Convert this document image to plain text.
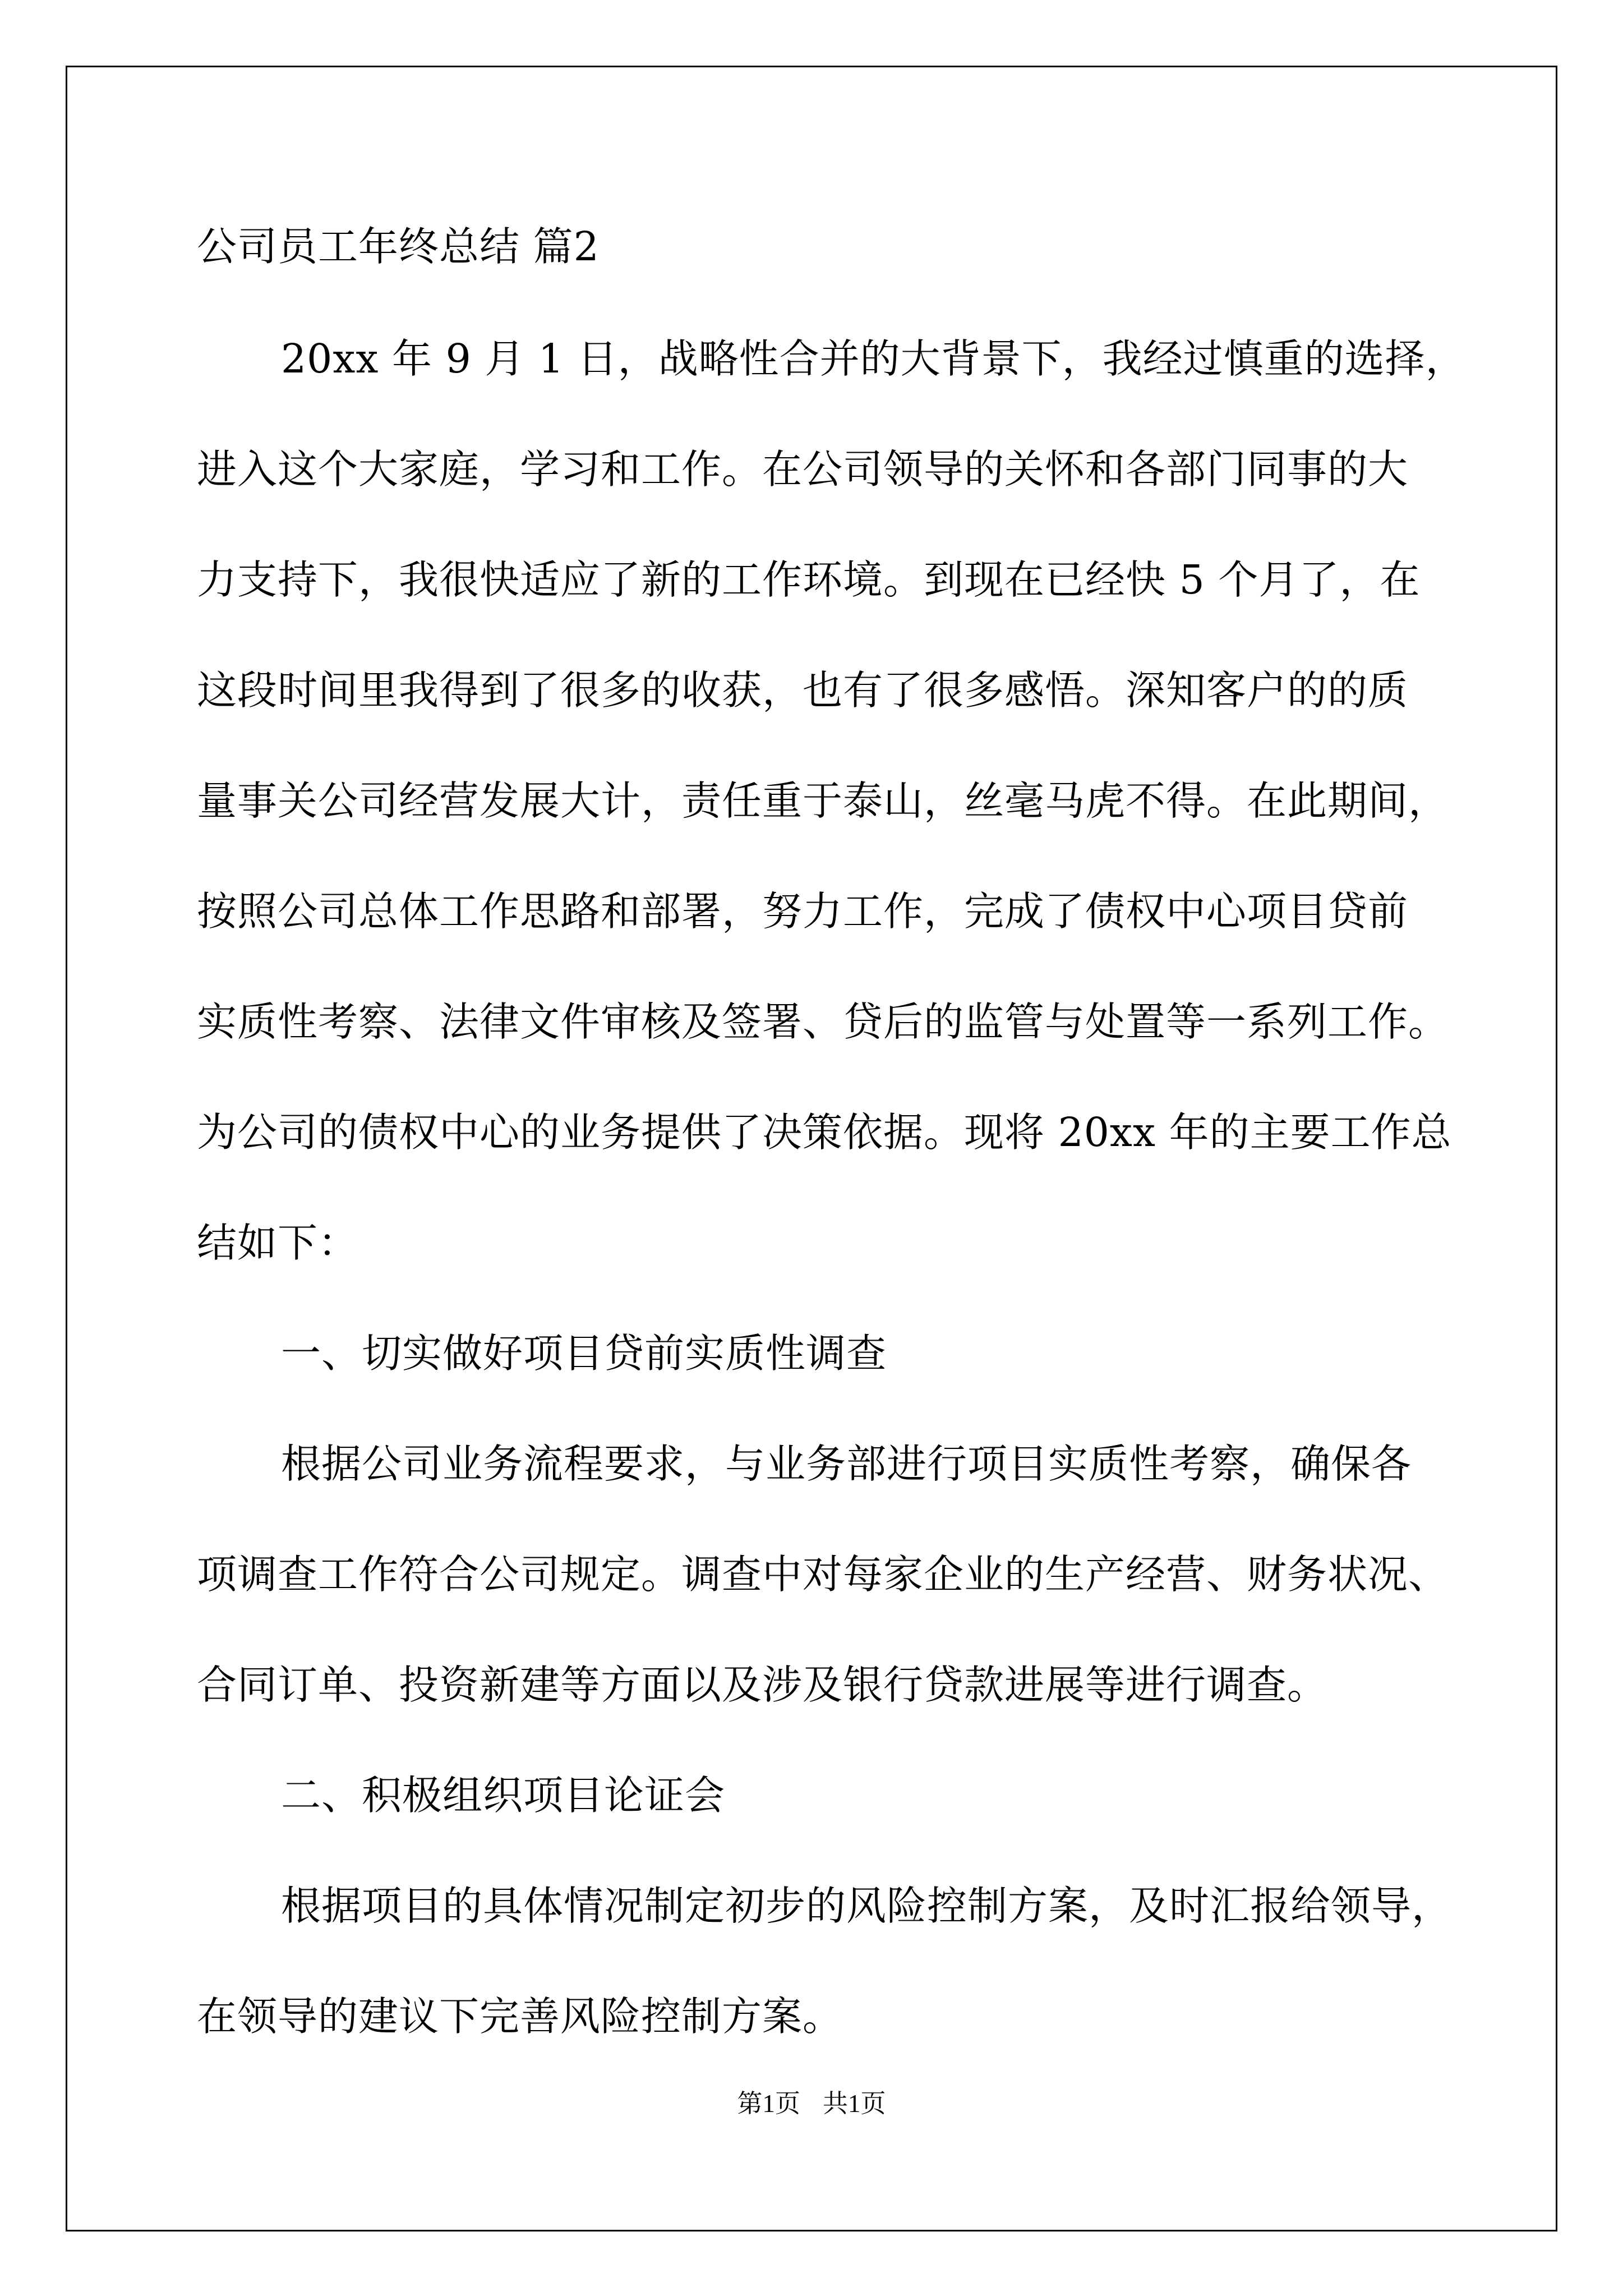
公司员工年终总结 篇2
20xx 年 9 月 1 日，战略性合并的大背景下，我经过慎重的选择，
进入这个大家庭，学习和工作。在公司领导的关怀和各部门同事的大
力支持下，我很快适应了新的工作环境。到现在已经快 5 个月了，在
这段时间里我得到了很多的收获，也有了很多感悟。深知客户的的质
量事关公司经营发展大计，责任重于泰山，丝毫马虎不得。在此期间，
按照公司总体工作思路和部署，努力工作，完成了债权中心项目贷前
实质性考察、法律文件审核及签署、贷后的监管与处置等一系列工作。
为公司的债权中心的业务提供了决策依据。现将 20xx 年的主要工作总
结如下：
一、切实做好项目贷前实质性调查
根据公司业务流程要求，与业务部进行项目实质性考察，确保各
项调查工作符合公司规定。调查中对每家企业的生产经营、财务状况、
合同订单、投资新建等方面以及涉及银行贷款进展等进行调查。
二、积极组织项目论证会
根据项目的具体情况制定初步的风险控制方案，及时汇报给领导，
在领导的建议下完善风险控制方案。
第1页 共1页
